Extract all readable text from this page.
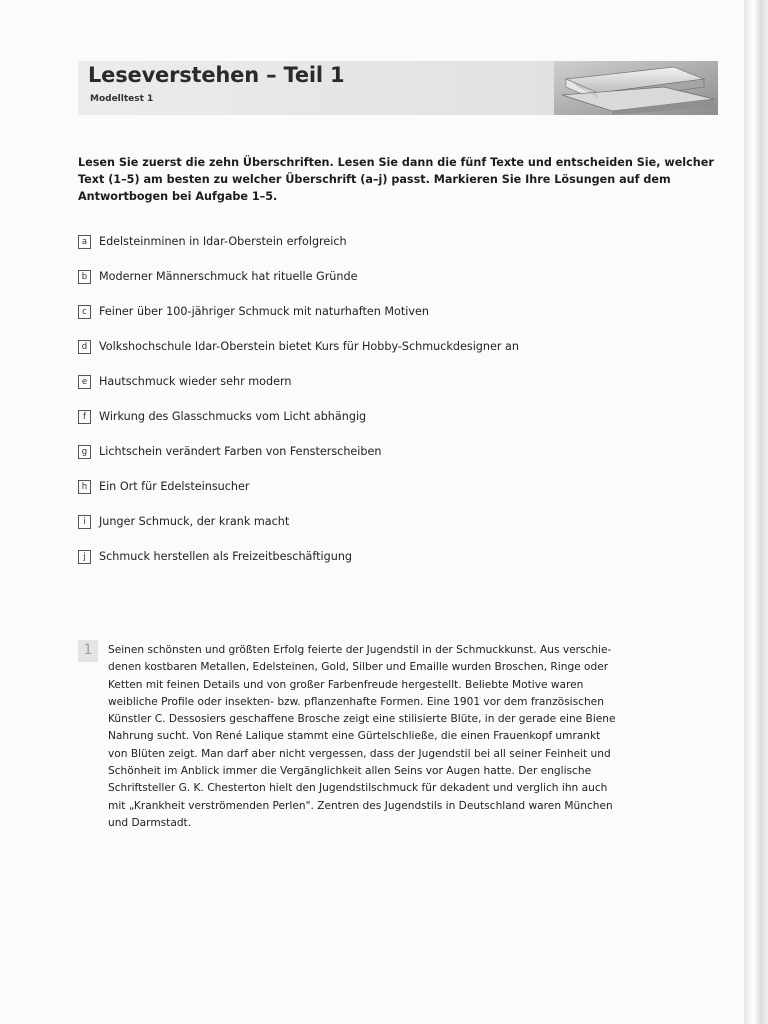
Leseverstehen – Teil 1
Modelltest 1
Lesen Sie zuerst die zehn Überschriften. Lesen Sie dann die fünf Texte und entscheiden Sie, welcher Text (1–5) am besten zu welcher Überschrift (a–j) passt. Markieren Sie Ihre Lösungen auf dem Antwortbogen bei Aufgabe 1–5.
a	Edelsteinminen in Idar-Oberstein erfolgreich
b	Moderner Männerschmuck hat rituelle Gründe
c	Feiner über 100-jähriger Schmuck mit naturhaften Motiven
d	Volkshochschule Idar-Oberstein bietet Kurs für Hobby-Schmuckdesigner an
e	Hautschmuck wieder sehr modern
f	Wirkung des Glasschmucks vom Licht abhängig
g	Lichtschein verändert Farben von Fensterscheiben
h	Ein Ort für Edelsteinsucher
i	Junger Schmuck, der krank macht
j	Schmuck herstellen als Freizeitbeschäftigung
1	Seinen schönsten und größten Erfolg feierte der Jugendstil in der Schmuckkunst. Aus verschie-
denen kostbaren Metallen, Edelsteinen, Gold, Silber und Emaille wurden Broschen, Ringe oder
Ketten mit feinen Details und von großer Farbenfreude hergestellt. Beliebte Motive waren
weibliche Profile oder insekten- bzw. pflanzenhafte Formen. Eine 1901 vor dem französischen
Künstler C. Dessosiers geschaffene Brosche zeigt eine stilisierte Blüte, in der gerade eine Biene
Nahrung sucht. Von René Lalique stammt eine Gürtelschließe, die einen Frauenkopf umrankt
von Blüten zeigt. Man darf aber nicht vergessen, dass der Jugendstil bei all seiner Feinheit und
Schönheit im Anblick immer die Vergänglichkeit allen Seins vor Augen hatte. Der englische
Schriftsteller G. K. Chesterton hielt den Jugendstilschmuck für dekadent und verglich ihn auch
mit „Krankheit verströmenden Perlen". Zentren des Jugendstils in Deutschland waren München
und Darmstadt.
